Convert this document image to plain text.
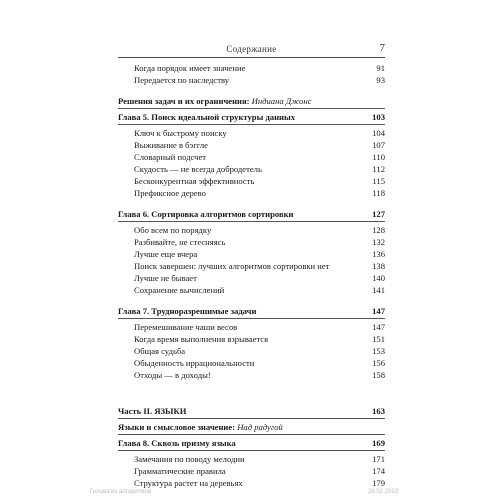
Содержание	7
Когда порядок имеет значение	91
Передается по наследству	93
Решения задач и их ограничения: Индиана Джонс
Глава 5. Поиск идеальной структуры данных	103
Ключ к быстрому поиску	104
Выживание в бэггле	107
Словарный подсчет	110
Скудость — не всегда добродетель	112
Бесконкурентная эффективность	115
Префиксное дерево	118
Глава 6. Сортировка алгоритмов сортировки	127
Обо всем по порядку	128
Разбивайте, не стесняясь	132
Лучше еще вчера	136
Поиск завершен: лучших алгоритмов сортировки нет	138
Лучше не бывает	140
Сохранение вычислений	141
Глава 7. Трудноразрешимые задачи	147
Перемешивание чаши весов	147
Когда время выполнения взрывается	151
Общая судьба	153
Обыденность иррациональности	156
Отходы — в доходы!	158
Часть II. ЯЗЫКИ	163
Языки и смысловое значение: Над радугой
Глава 8. Сквозь призму языка	169
Замечания по поводу мелодии	171
Грамматические правила	174
Структура растет на деревьях	179
Голова из алгоритмов	28.02.2023
